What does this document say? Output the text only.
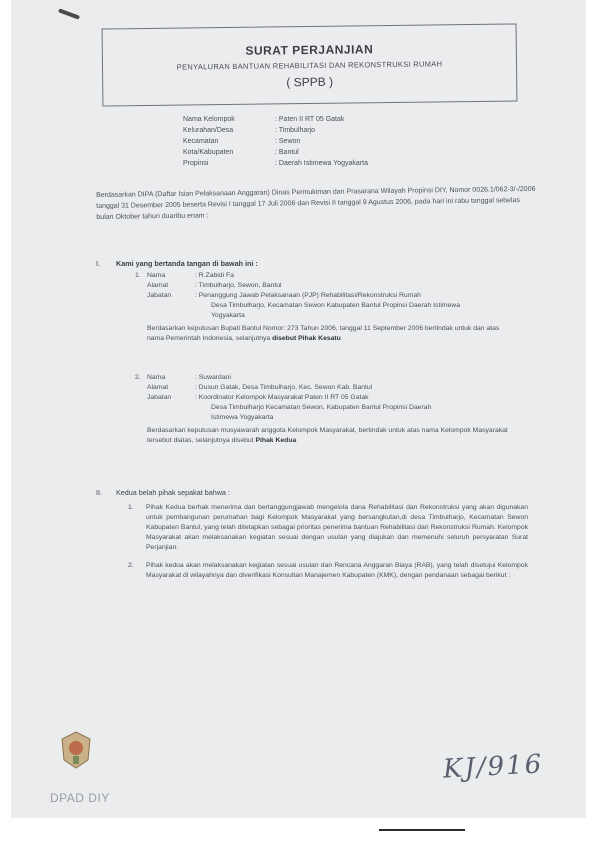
SURAT PERJANJIAN
PENYALURAN BANTUAN REHABILITASI DAN REKONSTRUKSI RUMAH
( SPPB )
Nama Kelompok	: Paten II RT 05 Gatak
Kelurahan/Desa	: Timbulharjo
Kecamatan	: Sewon
Kota/Kabupaten	: Bantul
Propinsi	: Daerah Istimewa Yogyakarta
Berdasarkan DIPA (Daftar Isian Pelaksanaan Anggaran) Dinas Permukiman dan Prasarana Wilayah Propinsi DIY, Nomor 0026.1/062-3/-/2006 tanggal 31 Desember 2005 beserta Revisi I tanggal 17 Juli 2006 dan Revisi II tanggal 9 Agustus 2006, pada hari ini rabu tanggal sebelas bulan Oktober tahun duaribu enam :
I. Kami yang bertanda tangan di bawah ini :
1. Nama	: R.Zabidi Fa
Alamat	: Timbulharjo, Sewon, Bantul
Jabatan	: Penanggung Jawab Pelaksanaan (PJP) Rehabilitasi/Rekonstruksi Rumah
Desa Timbulharjo, Kecamatan Sewon Kabupaten Bantul Propinsi Daerah Istimewa
Yogyakarta
Berdasarkan keputusan Bupati Bantul Nomor: 273 Tahun 2006, tanggal 11 September 2006 bertindak untuk dan atas nama Pemerintah Indonesia, selanjutnya disebut Pihak Kesatu
2. Nama	: Suwardani
Alamat	: Dusun Gatak, Desa Timbulharjo, Kec. Sewon Kab. Bantul
Jabatan	: Koordinator Kelompok Masyarakat Paten II RT 05 Gatak
Desa Timbulharjo Kecamatan Sewon, Kabupaten Bantul Propinsi Daerah
Istimewa Yogyakarta
Berdasarkan keputusan musyawarah anggota Kelompok Masyarakat, bertindak untuk atas nama Kelompok Masyarakat tersebut diatas, selanjutnya disebut Pihak Kedua
II. Kedua belah pihak sepakat bahwa :
1. Pihak Kedua berhak menerima dan bertanggungjawab mengelola dana Rehabilitasi dan Rekonstruksi yang akan digunakan untuk pembangunan perumahan bagi Kelompok Masyarakat yang bersangkutan,di desa Timbulharjo, Kecamatan Sewon Kabupaten Bantul, yang telah ditetapkan sebagai prioritas penerima bantuan Rehabilitasi dan Rekonstruksi Rumah. Kelompok Masyarakat akan melaksanakan kegiatan sesuai dengan usulan yang diajukan dan memenuhi seluruh persyaratan Surat Perjanjian.
2. Pihak kedua akan melaksanakan kegiatan sesuai usulan dan Rencana Anggaran Biaya (RAB), yang telah disetujui Kelompok Masyarakat di wilayahnya dan diverifikasi Konsultan Manajemen Kabupaten (KMK), dengan pendanaan sebagai berikut :
DPAD DIY
KJ/916
